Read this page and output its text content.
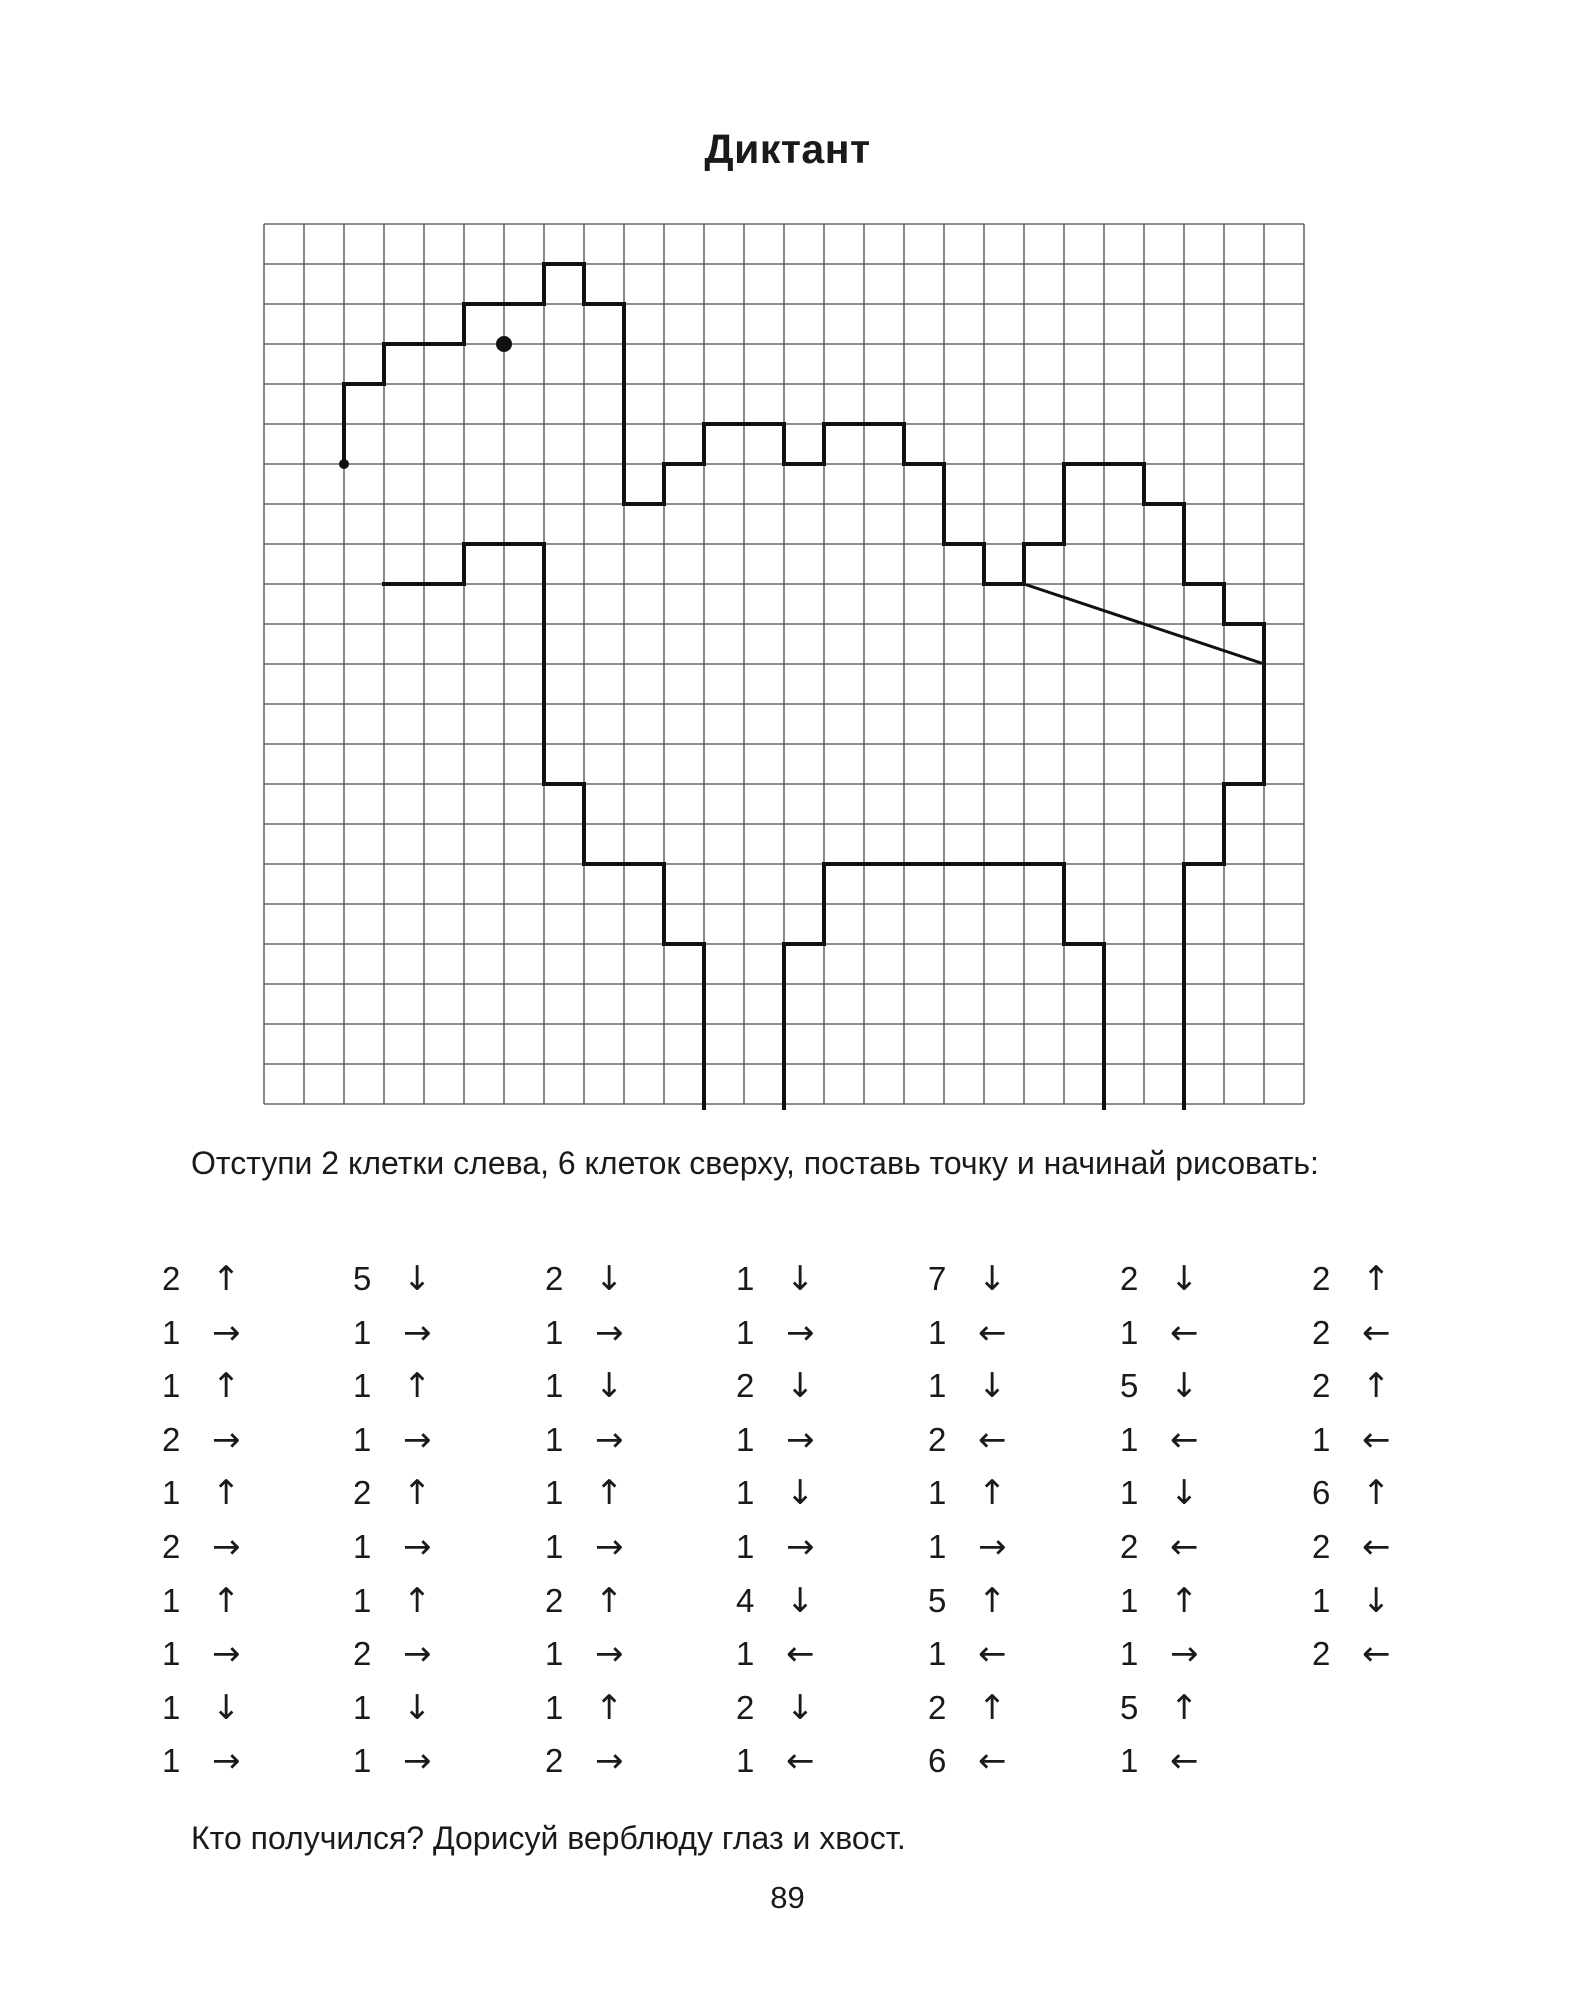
Диктант
Отступи 2 клетки слева, 6 клеток сверху, поставь точку и начинай рисовать:
2 ↑
1 →
1 ↑
2 →
1 ↑
2 →
1 ↑
1 →
1 ↓
1 →
5 ↓
1 →
1 ↑
1 →
2 ↑
1 →
1 ↑
2 →
1 ↓
1 →
2 ↓
1 →
1 ↓
1 →
1 ↑
1 →
2 ↑
1 →
1 ↑
2 →
1 ↓
1 →
2 ↓
1 →
1 ↓
1 →
4 ↓
1 ←
2 ↓
1 ←
7 ↓
1 ←
1 ↓
2 ←
1 ↑
1 →
5 ↑
1 ←
2 ↑
6 ←
2 ↓
1 ←
5 ↓
1 ←
1 ↓
2 ←
1 ↑
1 →
5 ↑
1 ←
2 ↑
2 ←
2 ↑
1 ←
6 ↑
2 ←
1 ↓
2 ←
Кто получился? Дорисуй верблюду глаз и хвост.
89
